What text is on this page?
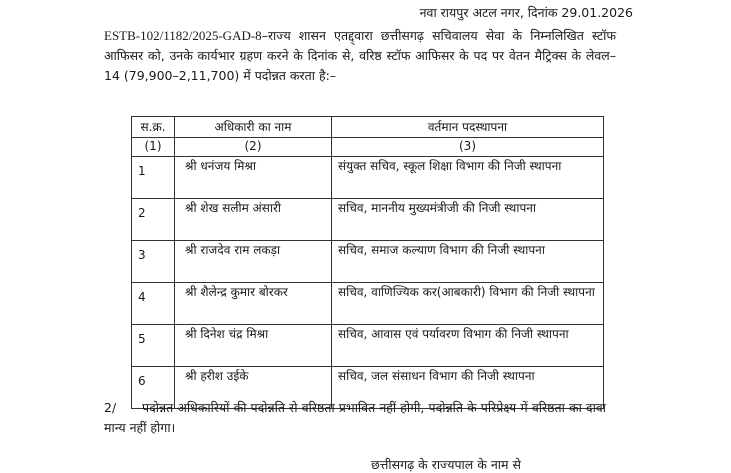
नवा रायपुर अटल नगर, दिनांक 29.01.2026
ESTB-102/1182/2025-GAD-8–राज्य शासन एतद्द्वारा छत्तीसगढ़ सचिवालय सेवा के निम्नलिखित स्टॉफ आफिसर को, उनके कार्यभार ग्रहण करने के दिनांक से, वरिष्ठ स्टॉफ आफिसर के पद पर वेतन मैट्रिक्स के लेवल–14 (79,900–2,11,700) में पदोन्नत करता है:–
स.क्र.	अधिकारी का नाम	वर्तमान पदस्थापना
(1)	(2)	(3)
1	श्री धनंजय मिश्रा	संयुक्त सचिव, स्कूल शिक्षा विभाग की निजी स्थापना
2	श्री शेख सलीम अंसारी	सचिव, माननीय मुख्यमंत्रीजी की निजी स्थापना
3	श्री राजदेव राम लकड़ा	सचिव, समाज कल्याण विभाग की निजी स्थापना
4	श्री शैलेन्द्र कुमार बोरकर	सचिव, वाणिज्यिक कर(आबकारी) विभाग की निजी स्थापना
5	श्री दिनेश चंद्र मिश्रा	सचिव, आवास एवं पर्यावरण विभाग की निजी स्थापना
6	श्री हरीश उईके	सचिव, जल संसाधन विभाग की निजी स्थापना
2/ पदोन्नत अधिकारियों की पदोन्नति से वरिष्ठता प्रभावित नहीं होगी, पदोन्नति के परिप्रेक्ष्य में वरिष्ठता का दावा मान्य नहीं होगा।
छत्तीसगढ़ के राज्यपाल के नाम से
